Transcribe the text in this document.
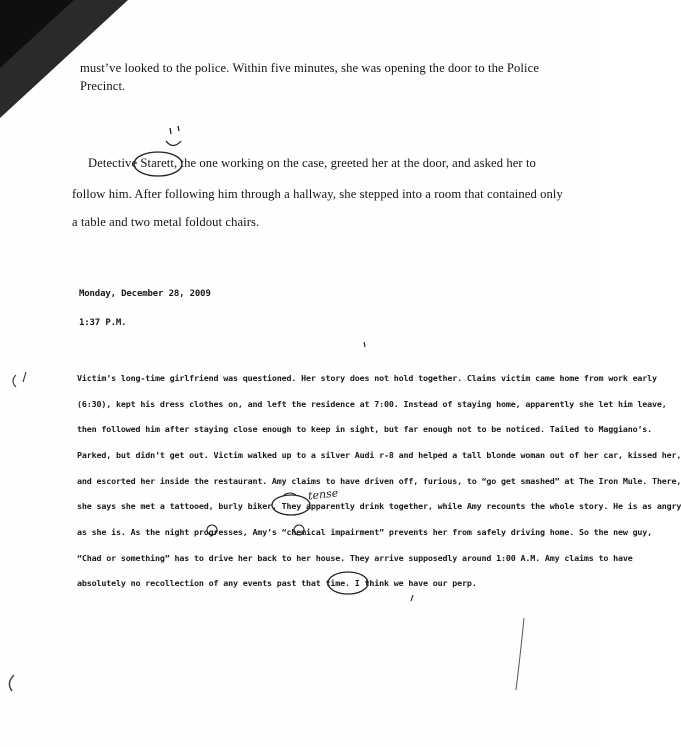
must’ve looked to the police. Within five minutes, she was opening the door to the Police
Precinct.
Detective Starett, the one working on the case, greeted her at the door, and asked her to
follow him. After following him through a hallway, she stepped into a room that contained only
a table and two metal foldout chairs.
Monday, December 28, 2009
1:37 P.M.
Victim’s long-time girlfriend was questioned. Her story does not hold together. Claims victim came home from work early
(6:30), kept his dress clothes on, and left the residence at 7:00. Instead of staying home, apparently she let him leave,
then followed him after staying close enough to keep in sight, but far enough not to be noticed. Tailed to Maggiano’s.
Parked, but didn’t get out. Victim walked up to a silver Audi r-8 and helped a tall blonde woman out of her car, kissed her,
and escorted her inside the restaurant. Amy claims to have driven off, furious, to “go get smashed” at The Iron Mule. There,
she says she met a tattooed, burly biker. They apparently drink together, while Amy recounts the whole story. He is as angry
as she is. As the night progresses, Amy’s “chemical impairment” prevents her from safely driving home. So the new guy,
“Chad or something” has to drive her back to her house. They arrive supposedly around 1:00 A.M. Amy claims to have
absolutely no recollection of any events past that time. I think we have our perp.
tense
